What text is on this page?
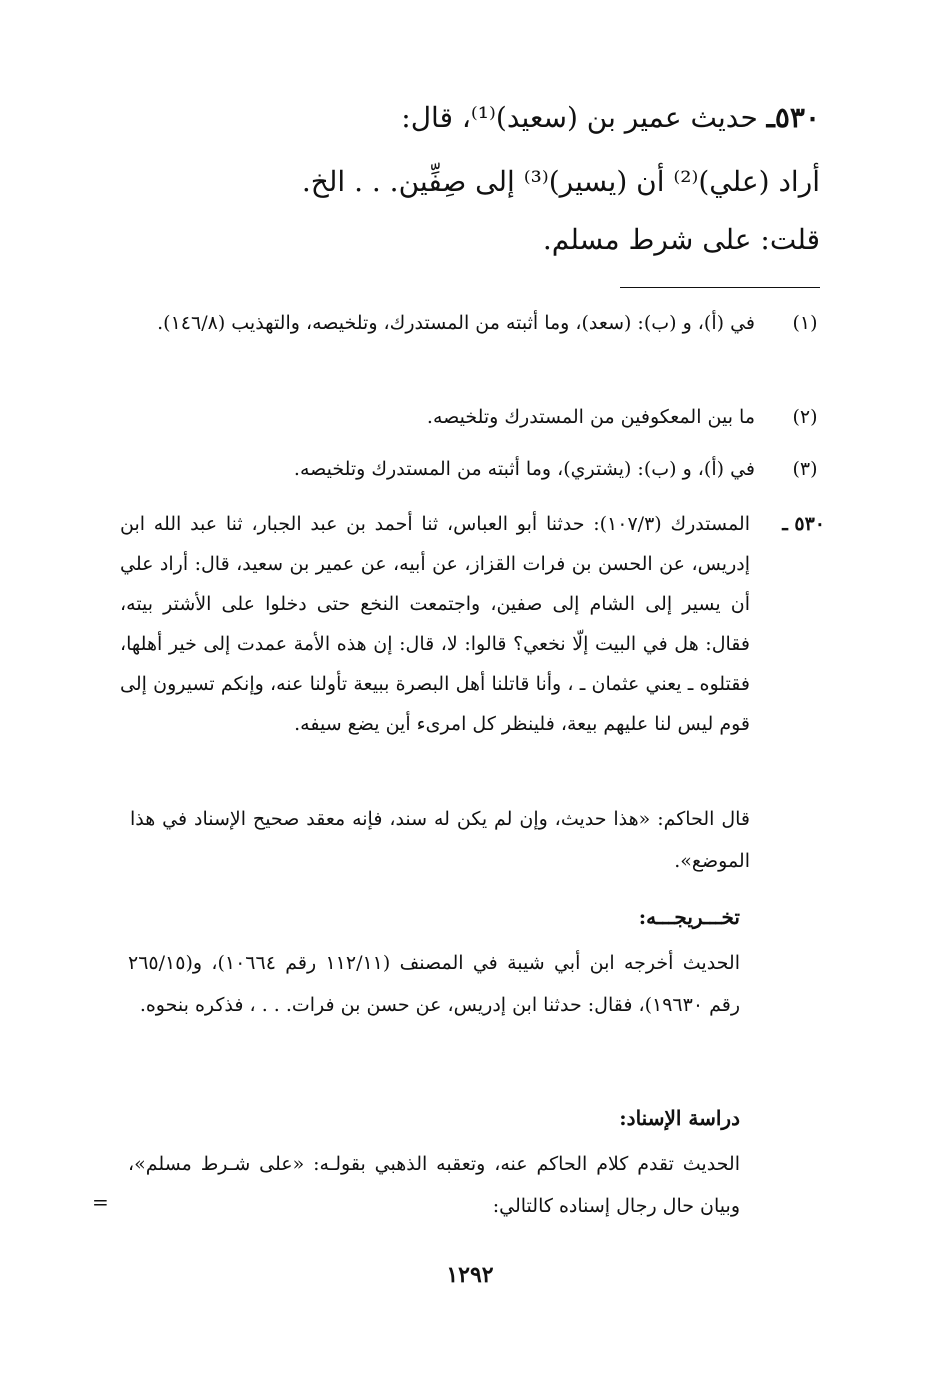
٥٣٠ـ حديث عمير بن (سعيد)⁽¹⁾، قال:
أراد (علي)⁽²⁾ أن (يسير)⁽³⁾ إلى صِفِّين. . . الخ.
قلت: على شرط مسلم.
(١)
في (أ)، و (ب): (سعد)، وما أثبته من المستدرك، وتلخيصه، والتهذيب (١٤٦/٨).
(٢)
ما بين المعكوفين من المستدرك وتلخيصه.
(٣)
في (أ)، و (ب): (يشتري)، وما أثبته من المستدرك وتلخيصه.
٥٣٠ ـ
المستدرك (١٠٧/٣): حدثنا أبو العباس، ثنا أحمد بن عبد الجبار، ثنا عبد الله ابن إدريس، عن الحسن بن فرات القزاز، عن أبيه، عن عمير بن سعيد، قال: أراد علي أن يسير إلى الشام إلى صفين، واجتمعت النخع حتى دخلوا على الأشتر بيته، فقال: هل في البيت إلّا نخعي؟ قالوا: لا، قال: إن هذه الأمة عمدت إلى خير أهلها، فقتلوه ـ يعني عثمان ـ ، وأنا قاتلنا أهل البصرة ببيعة تأولنا عنه، وإنكم تسيرون إلى قوم ليس لنا عليهم بيعة، فلينظر كل امرىء أين يضع سيفه.
قال الحاكم: «هذا حديث، وإن لم يكن له سند، فإنه معقد صحيح الإسناد في هذا الموضع».
تخـــريجـــه:
الحديث أخرجه ابن أبي شيبة في المصنف (١١٢/١١ رقم ١٠٦٦٤)، و(٢٦٥/١٥ رقم ١٩٦٣٠)، فقال: حدثنا ابن إدريس، عن حسن بن فرات. . . ، فذكره بنحوه.
دراسة الإسناد:
الحديث تقدم كلام الحاكم عنه، وتعقبه الذهبي بقولـه: «على شـرط مسلم»، وبيان حال رجال إسناده كالتالي:
=
١٢٩٢
